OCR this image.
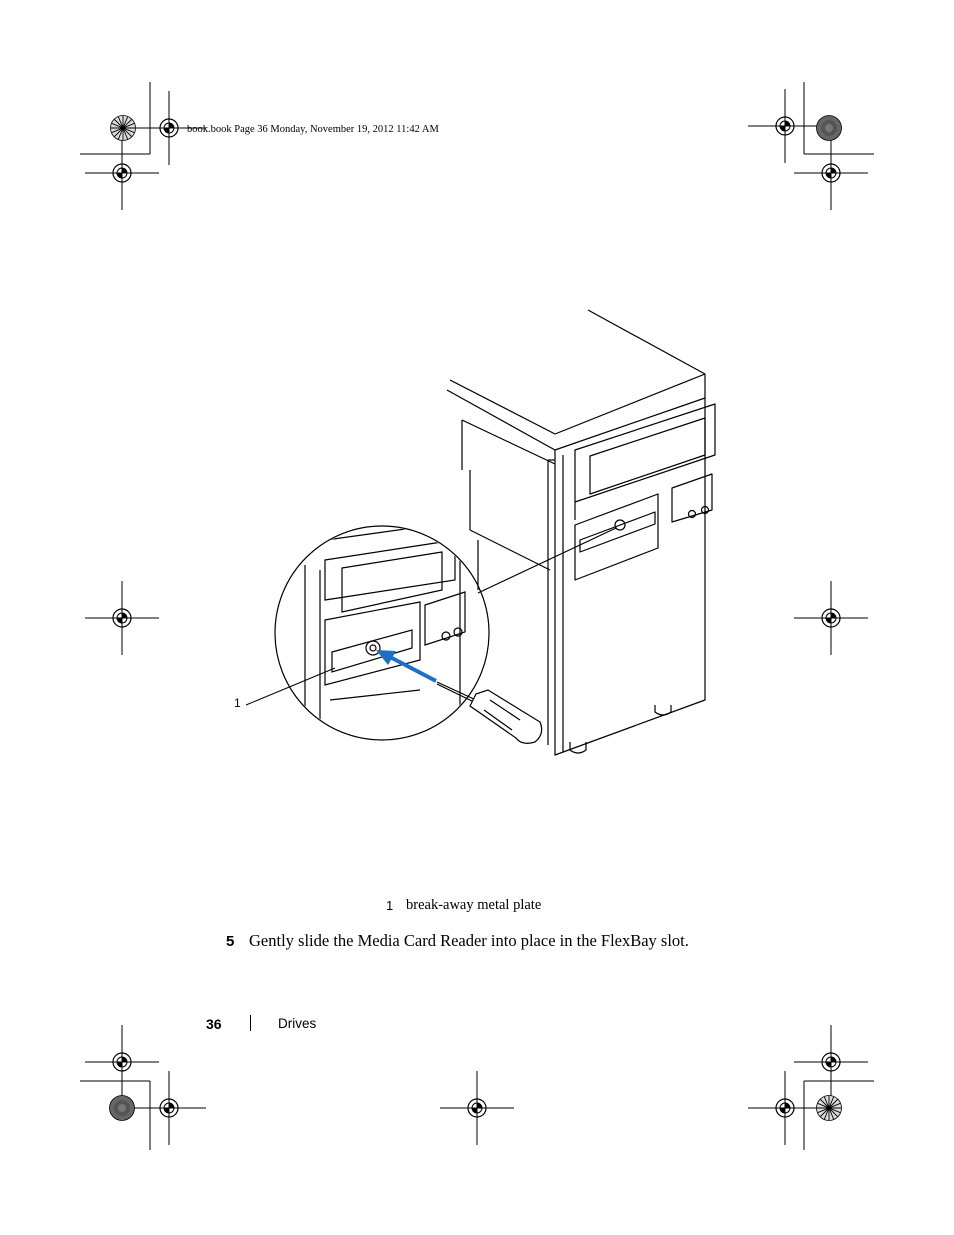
book.book Page 36 Monday, November 19, 2012 11:42 AM
1
1 break-away metal plate
5 Gently slide the Media Card Reader into place in the FlexBay slot.
36	Drives
